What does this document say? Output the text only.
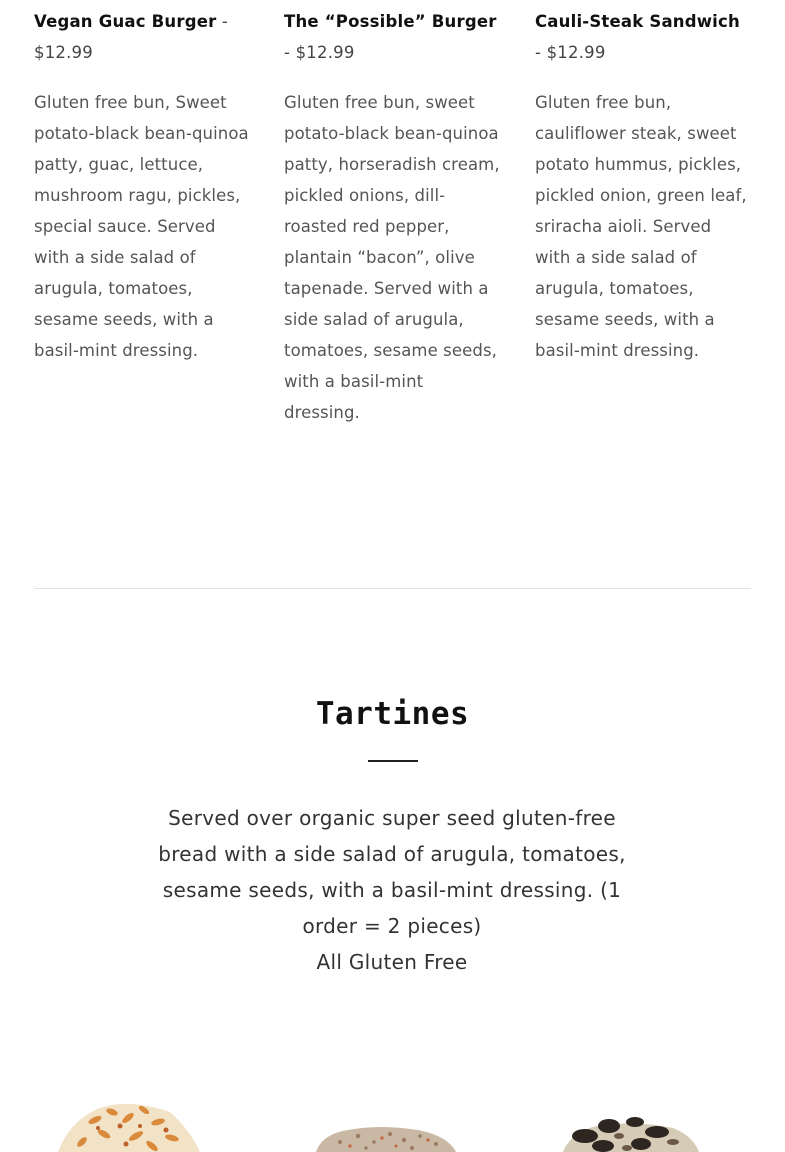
Vegan Guac Burger - $12.99
Gluten free bun, Sweet potato-black bean-quinoa patty, guac, lettuce, mushroom ragu, pickles, special sauce. Served with a side salad of arugula, tomatoes, sesame seeds, with a basil-mint dressing.
The “Possible” Burger - $12.99
Gluten free bun, sweet potato-black bean-quinoa patty, horseradish cream, pickled onions, dill-roasted red pepper, plantain “bacon”, olive tapenade. Served with a side salad of arugula, tomatoes, sesame seeds, with a basil-mint dressing.
Cauli-Steak Sandwich - $12.99
Gluten free bun, cauliflower steak, sweet potato hummus, pickles, pickled onion, green leaf, sriracha aioli. Served with a side salad of arugula, tomatoes, sesame seeds, with a basil-mint dressing.
Tartines
Served over organic super seed gluten-free bread with a side salad of arugula, tomatoes, sesame seeds, with a basil-mint dressing. (1 order = 2 pieces)
All Gluten Free
